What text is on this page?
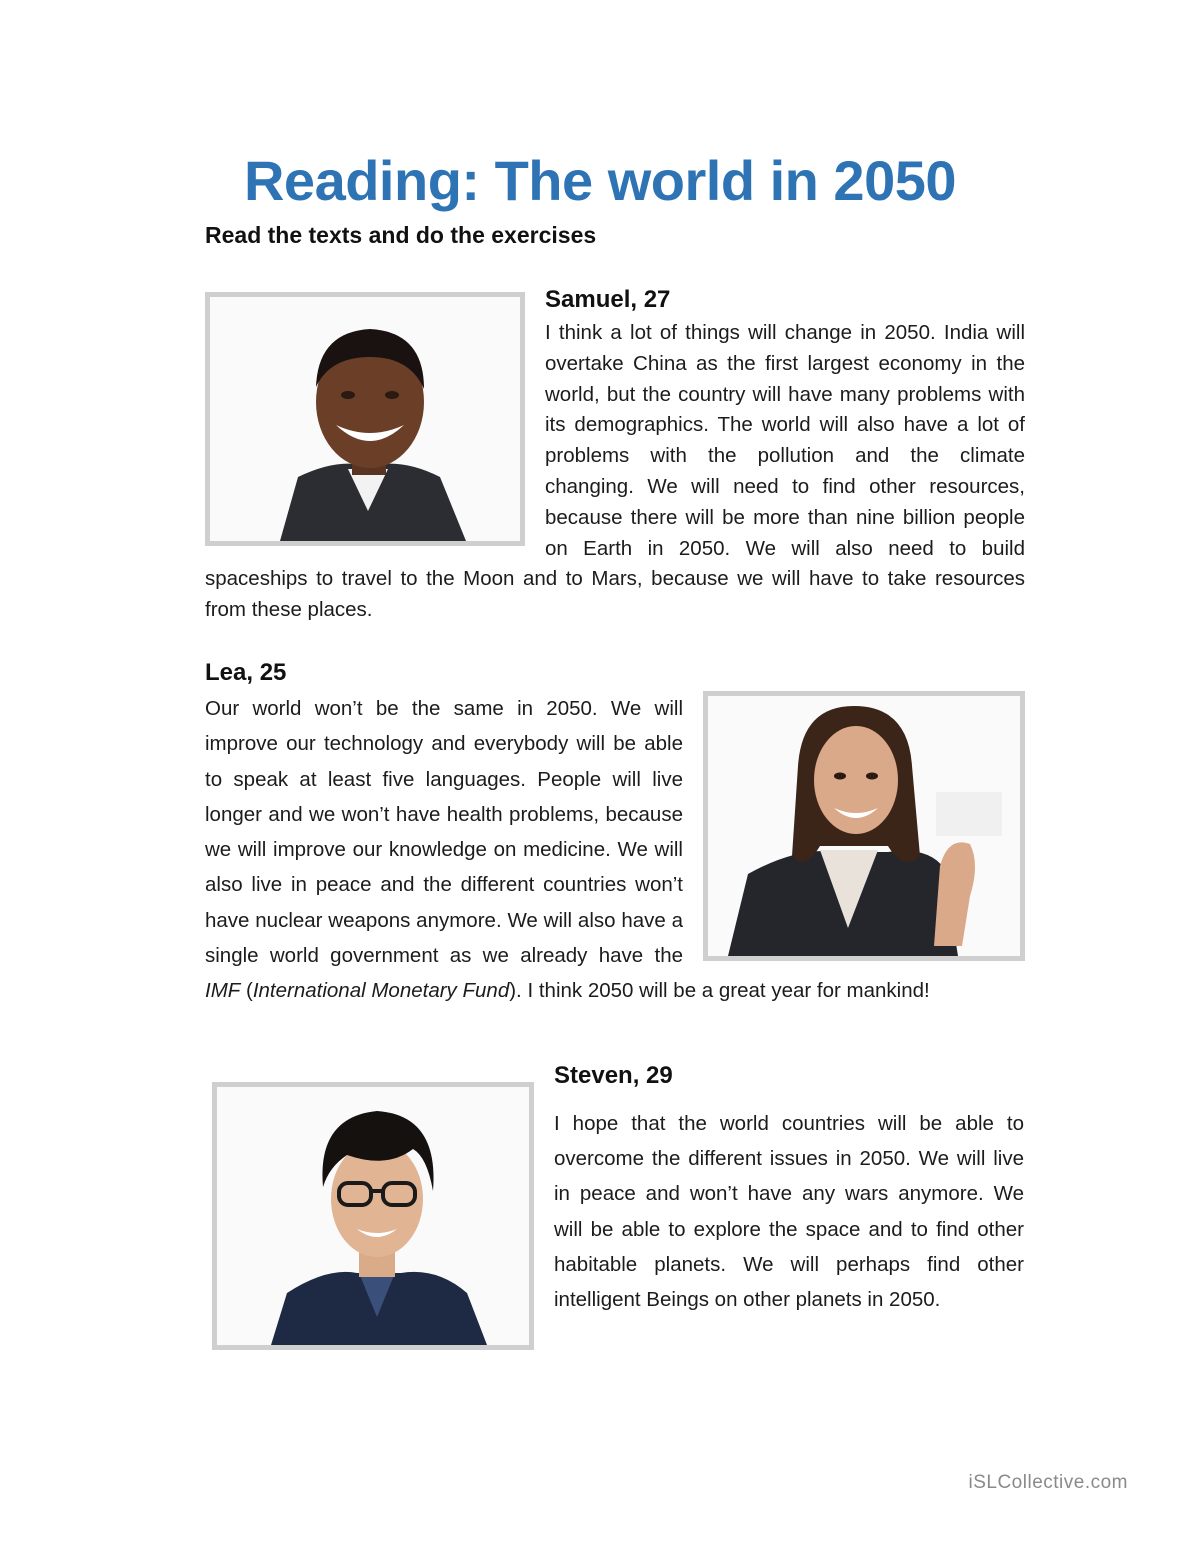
Reading: The world in 2050

Read the texts and do the exercises

Samuel, 27

I think a lot of things will change in 2050. India will overtake China as the first largest economy in the world, but the country will have many problems with its demographics. The world will also have a lot of problems with the pollution and the climate changing. We will need to find other resources, because there will be more than nine billion people on Earth in 2050. We will also need to build spaceships to travel to the Moon and to Mars, because we will have to take resources from these places.

Lea, 25

Our world won’t be the same in 2050. We will improve our technology and everybody will be able to speak at least five languages. People will live longer and we won’t have health problems, because we will improve our knowledge on medicine. We will also live in peace and the different countries won’t have nuclear weapons anymore. We will also have a single world government as we already have the IMF (International Monetary Fund). I think 2050 will be a great year for mankind!

Steven, 29

I hope that the world countries will be able to overcome the different issues in 2050. We will live in peace and won’t have any wars anymore. We will be able to explore the space and to find other habitable planets. We will perhaps find other intelligent Beings on other planets in 2050.

iSLCollective.com
